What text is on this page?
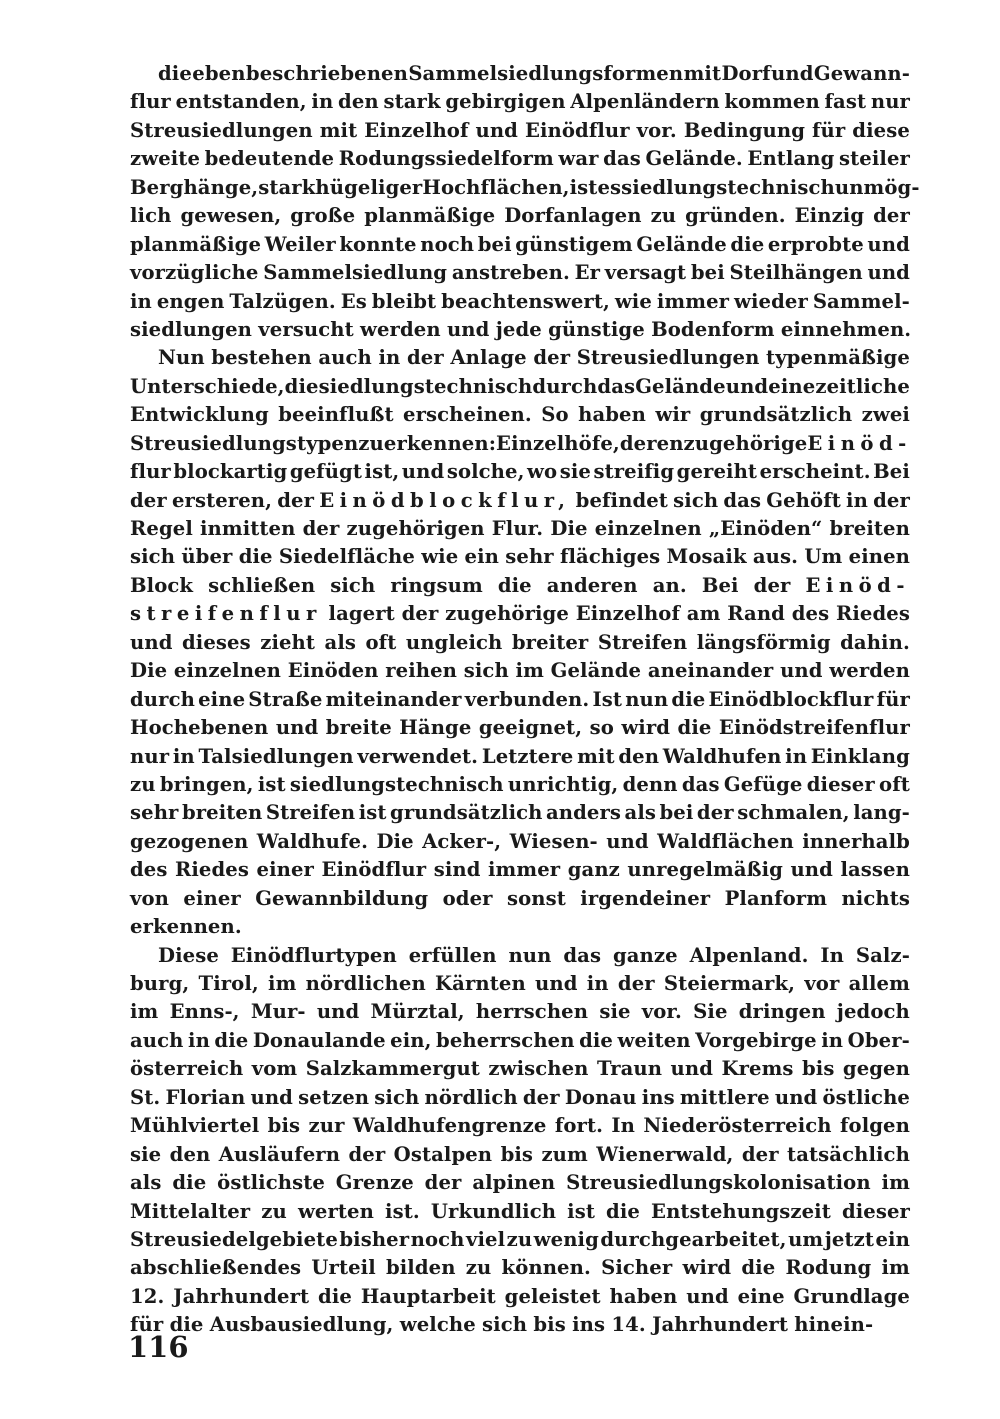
die eben beschriebenen Sammelsiedlungsformen mit Dorf und Gewann-
flur entstanden, in den stark gebirgigen Alpenländern kommen fast nur
Streusiedlungen mit Einzelhof und Einödflur vor. Bedingung für diese
zweite bedeutende Rodungssiedelform war das Gelände. Entlang steiler
Berghänge, stark hügeliger Hochflächen, ist es siedlungstechnisch unmög-
lich gewesen, große planmäßige Dorfanlagen zu gründen. Einzig der
planmäßige Weiler konnte noch bei günstigem Gelände die erprobte und
vorzügliche Sammelsiedlung anstreben. Er versagt bei Steilhängen und
in engen Talzügen. Es bleibt beachtenswert, wie immer wieder Sammel-
siedlungen versucht werden und jede günstige Bodenform einnehmen.
Nun bestehen auch in der Anlage der Streusiedlungen typenmäßige
Unterschiede, die siedlungstechnisch durch das Gelände und eine zeitliche
Entwicklung beeinflußt erscheinen. So haben wir grundsätzlich zwei
Streusiedlungstypen zu erkennen: Einzelhöfe, deren zugehörige Einöd-
flur blockartig gefügt ist, und solche, wo sie streifig gereiht erscheint. Bei
der ersteren, der Einödblockflur, befindet sich das Gehöft in der
Regel inmitten der zugehörigen Flur. Die einzelnen „Einöden“ breiten
sich über die Siedelfläche wie ein sehr flächiges Mosaik aus. Um einen
Block schließen sich ringsum die anderen an. Bei der Einöd-
streifenflur lagert der zugehörige Einzelhof am Rand des Riedes
und dieses zieht als oft ungleich breiter Streifen längsförmig dahin.
Die einzelnen Einöden reihen sich im Gelände aneinander und werden
durch eine Straße miteinander verbunden. Ist nun die Einödblockflur für
Hochebenen und breite Hänge geeignet, so wird die Einödstreifenflur
nur in Talsiedlungen verwendet. Letztere mit den Waldhufen in Einklang
zu bringen, ist siedlungstechnisch unrichtig, denn das Gefüge dieser oft
sehr breiten Streifen ist grundsätzlich anders als bei der schmalen, lang-
gezogenen Waldhufe. Die Acker-, Wiesen- und Waldflächen innerhalb
des Riedes einer Einödflur sind immer ganz unregelmäßig und lassen
von einer Gewannbildung oder sonst irgendeiner Planform nichts
erkennen.
Diese Einödflurtypen erfüllen nun das ganze Alpenland. In Salz-
burg, Tirol, im nördlichen Kärnten und in der Steiermark, vor allem
im Enns-, Mur- und Mürztal, herrschen sie vor. Sie dringen jedoch
auch in die Donaulande ein, beherrschen die weiten Vorgebirge in Ober-
österreich vom Salzkammergut zwischen Traun und Krems bis gegen
St. Florian und setzen sich nördlich der Donau ins mittlere und östliche
Mühlviertel bis zur Waldhufengrenze fort. In Niederösterreich folgen
sie den Ausläufern der Ostalpen bis zum Wienerwald, der tatsächlich
als die östlichste Grenze der alpinen Streusiedlungskolonisation im
Mittelalter zu werten ist. Urkundlich ist die Entstehungszeit dieser
Streusiedelgebiete bisher noch viel zu wenig durchgearbeitet, um jetzt ein
abschließendes Urteil bilden zu können. Sicher wird die Rodung im
12. Jahrhundert die Hauptarbeit geleistet haben und eine Grundlage
für die Ausbausiedlung, welche sich bis ins 14. Jahrhundert hinein-
116
